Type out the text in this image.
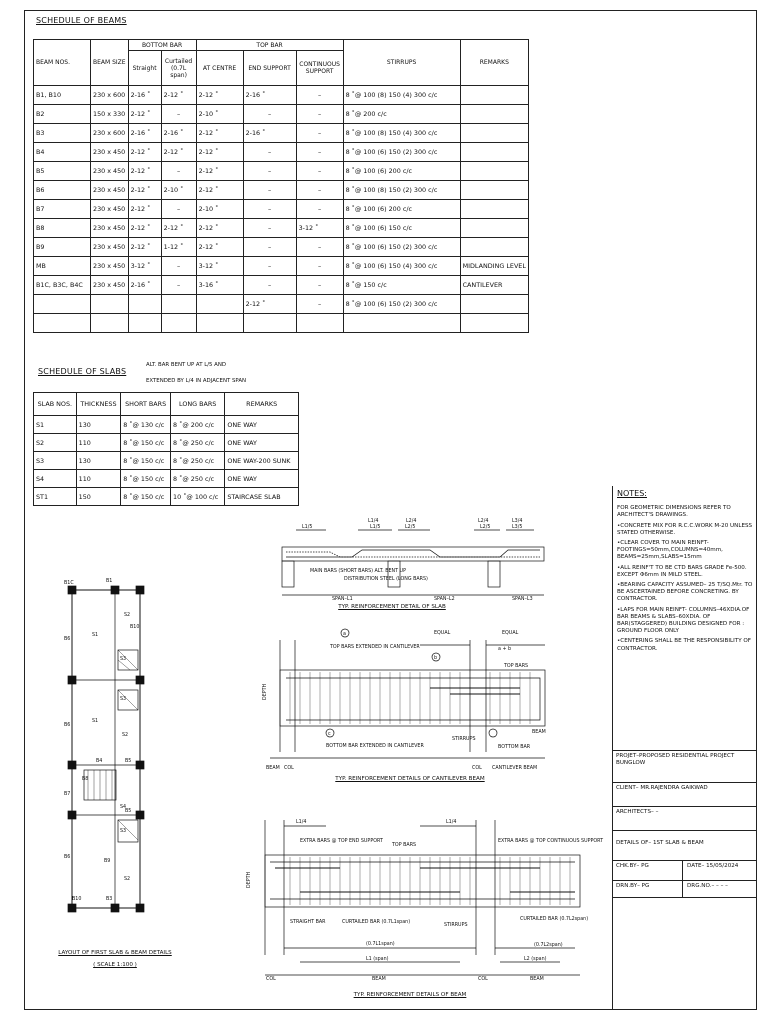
SCHEDULE OF BEAMS
BEAM NOS.	BEAM SIZE	BOTTOM BAR		TOP BAR			STIRRUPS	REMARKS
		Straight	Curtailed (0.7L span)	AT CENTRE	END SUPPORT	CONTINUOUS SUPPORT		
B1, B10	230 x 600	2-16 ˚	2-12 ˚	2-12 ˚	2-16 ˚	–	8 ˚@ 100 (8) 150 (4) 300 c/c	
B2	150 x 330	2-12 ˚	–	2-10 ˚	–	–	8 ˚@ 200 c/c	
B3	230 x 600	2-16 ˚	2-16 ˚	2-12 ˚	2-16 ˚	–	8 ˚@ 100 (8) 150 (4) 300 c/c	
B4	230 x 450	2-12 ˚	2-12 ˚	2-12 ˚	–	–	8 ˚@ 100 (6) 150 (2) 300 c/c	
B5	230 x 450	2-12 ˚	–	2-12 ˚	–	–	8 ˚@ 100 (6) 200 c/c	
B6	230 x 450	2-12 ˚	2-10 ˚	2-12 ˚	–	–	8 ˚@ 100 (8) 150 (2) 300 c/c	
B7	230 x 450	2-12 ˚	–	2-10 ˚	–	–	8 ˚@ 100 (6) 200 c/c	
B8	230 x 450	2-12 ˚	2-12 ˚	2-12 ˚	–	3-12 ˚	8 ˚@ 100 (6) 150 c/c	
B9	230 x 450	2-12 ˚	1-12 ˚	2-12 ˚	–	–	8 ˚@ 100 (6) 150 (2) 300 c/c	
MB	230 x 450	3-12 ˚	–	3-12 ˚	–	–	8 ˚@ 100 (6) 150 (4) 300 c/c	MIDLANDING LEVEL
B1C, B3C, B4C	230 x 450	2-16 ˚	–	3-16 ˚	–	–	8 ˚@ 150 c/c	CANTILEVER
					2-12 ˚	–	8 ˚@ 100 (6) 150 (2) 300 c/c	

SCHEDULE OF SLABS
ALT. BAR BENT UP AT L/5 AND
EXTENDED BY L/4 IN ADJACENT SPAN
SLAB NOS.	THICKNESS	SHORT BARS	LONG BARS	REMARKS
S1	130	8 ˚@ 130 c/c	8 ˚@ 200 c/c	ONE WAY
S2	110	8 ˚@ 150 c/c	8 ˚@ 250 c/c	ONE WAY
S3	130	8 ˚@ 150 c/c	8 ˚@ 250 c/c	ONE WAY-200 SUNK
S4	110	8 ˚@ 150 c/c	8 ˚@ 250 c/c	ONE WAY
ST1	150	8 ˚@ 150 c/c	10 ˚@ 100 c/c	STAIRCASE SLAB	NOTES:
FOR GEOMETRIC DIMENSIONS REFER TO ARCHITECT'S DRAWINGS.
•CONCRETE MIX FOR R.C.C.WORK M-20 UNLESS STATED OTHERWISE.
•CLEAR COVER TO MAIN REINFT- FOOTINGS=50mm,COLUMNS=40mm, BEAMS=25mm,SLABS=15mm
•ALL REINF'T TO BE CTD BARS GRADE Fe-500. EXCEPT Φ6mm IN MILD STEEL.
•BEARING CAPACITY ASSUMED– 25 T/SQ.Mtr. TO BE ASCERTAINED BEFORE CONCRETING. BY CONTRACTOR.
•LAPS FOR MAIN REINFT- COLUMNS–46XDIA.OF BAR BEAMS & SLABS–60XDIA. OF BAR(STAGGERED) BUILDING DESIGNED FOR : GROUND FLOOR ONLY
•CENTERING SHALL BE THE RESPONSIBILITY OF CONTRACTOR.
PROJET–PROPOSED RESIDENTIAL PROJECT BUNGLOW
CLIENT– MR.RAJENDRA GAIKWAD
ARCHITECTS– –
DETAILS OF– 1ST SLAB & BEAM
CHK.BY– PG	DATE– 15/05/2024
DRN.BY– PG	DRG.NO.– – – –
L1/5
L1/4
L1/5
L2/4
L2/5
L2/4
L2/5
L3/4
L3/5
MAIN BARS (SHORT BARS) ALT. BENT UP
DISTRIBUTION STEEL (LONG BARS)
SPAN–L1	SPAN–L2	SPAN–L3
a
b
c
a + b
TOP BARS EXTENDED IN CANTILEVER
TOP BARS
EQUAL	EQUAL
DEPTH
BOTTOM BAR EXTENDED IN CANTILEVER
STIRRUPS
BOTTOM BAR
BEAM COL	COL CANTILEVER BEAM
BEAM
L1/4	L1/4
EXTRA BARS @ TOP END SUPPORT
TOP BARS
EXTRA BARS @ TOP CONTINUOUS SUPPORT
DEPTH
STRAIGHT BAR	CURTAILED BAR (0.7L1span)
STIRRUPS
CURTAILED BAR (0.7L2span)
(0.7L1span)	(0.7L2span)
L1 (span)	L2 (span)
COL	BEAM	COL	BEAM
B1C	B1
S2
B10
S1
B6
S3
S3
S1
B6
S2
B4	B5
B7
S4
B5
S3
B6
B9
S2
B10	B3
B8
TYP. REINFORCEMENT DETAIL OF SLAB
TYP. REINFORCEMENT DETAILS OF CANTILEVER BEAM
TYP. REINFORCEMENT DETAILS OF BEAM
LAYOUT OF FIRST SLAB & BEAM DETAILS
( SCALE 1:100 )
